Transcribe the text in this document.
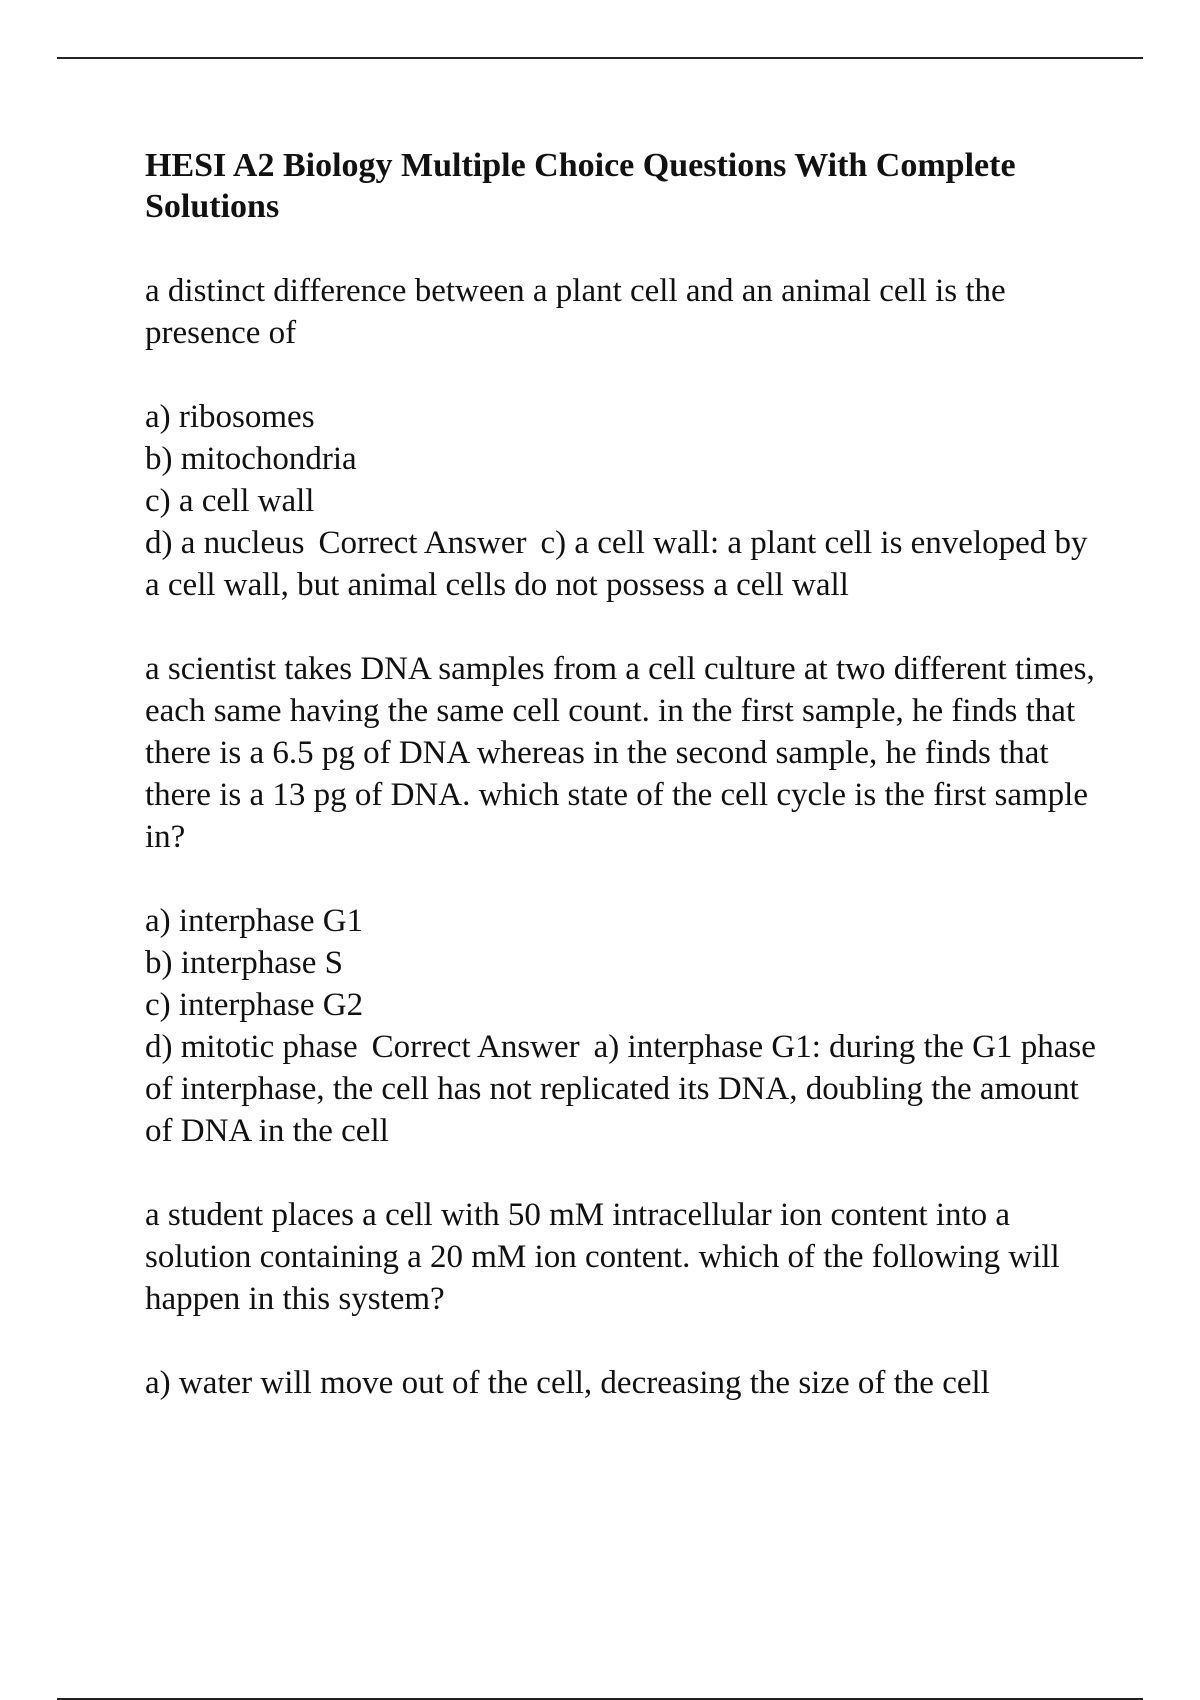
HESI A2 Biology Multiple Choice Questions With Complete Solutions

a distinct difference between a plant cell and an animal cell is the presence of

a) ribosomes
b) mitochondria
c) a cell wall
d) a nucleus Correct Answer c) a cell wall: a plant cell is enveloped by a cell wall, but animal cells do not possess a cell wall

a scientist takes DNA samples from a cell culture at two different times, each same having the same cell count. in the first sample, he finds that there is a 6.5 pg of DNA whereas in the second sample, he finds that there is a 13 pg of DNA. which state of the cell cycle is the first sample in?

a) interphase G1
b) interphase S
c) interphase G2
d) mitotic phase Correct Answer a) interphase G1: during the G1 phase of interphase, the cell has not replicated its DNA, doubling the amount of DNA in the cell

a student places a cell with 50 mM intracellular ion content into a solution containing a 20 mM ion content. which of the following will happen in this system?

a) water will move out of the cell, decreasing the size of the cell
